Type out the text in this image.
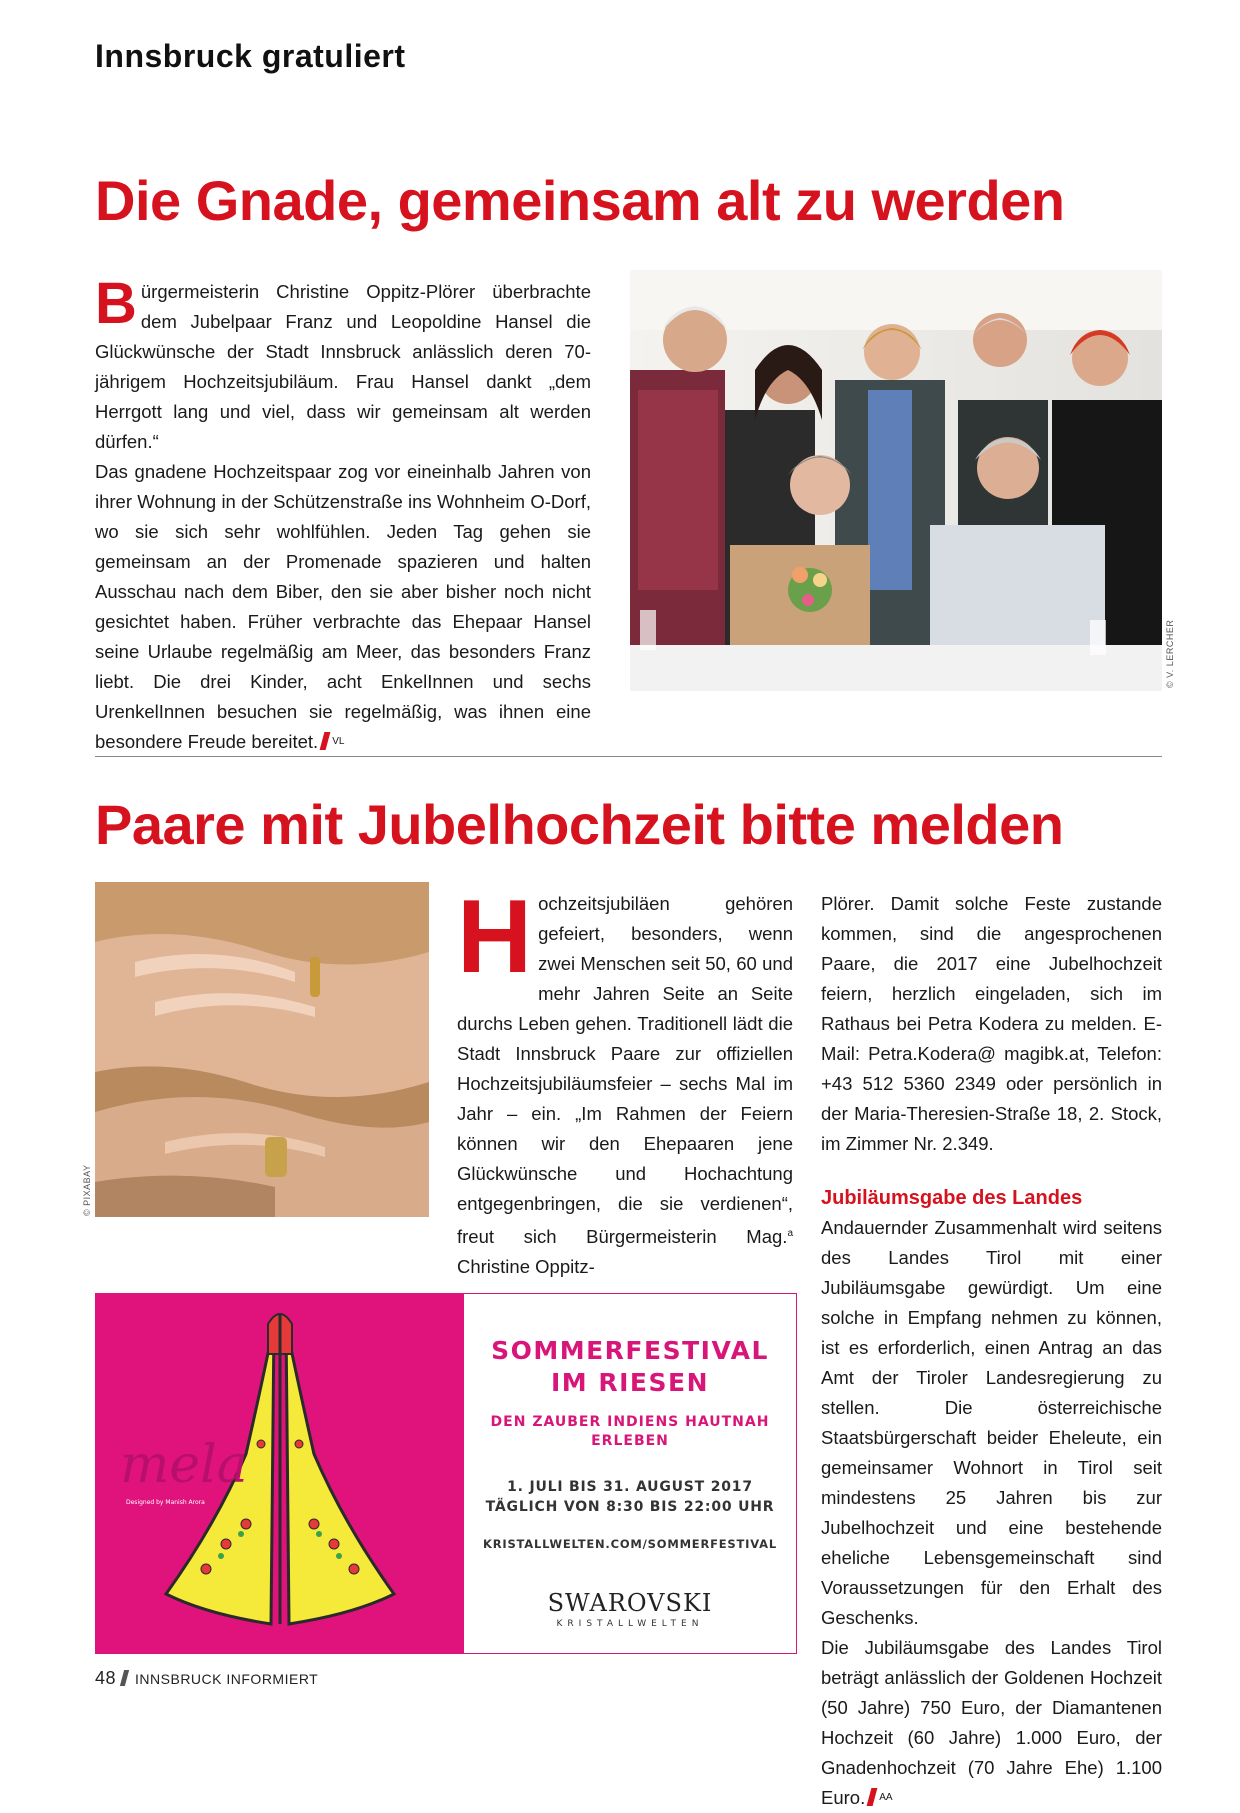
Innsbruck gratuliert
Die Gnade, gemeinsam alt zu werden

Bürgermeisterin Christine Oppitz-Plörer überbrachte dem Jubelpaar Franz und Leopoldine Hansel die Glückwünsche der Stadt Innsbruck anlässlich deren 70-jährigem Hochzeitsjubiläum. Frau Hansel dankt „dem Herrgott lang und viel, dass wir gemeinsam alt werden dürfen.“

Das gnadene Hochzeitspaar zog vor eineinhalb Jahren von ihrer Wohnung in der Schützenstraße ins Wohnheim O-Dorf, wo sie sich sehr wohlfühlen. Jeden Tag gehen sie gemeinsam an der Promenade spazieren und halten Ausschau nach dem Biber, den sie aber bisher noch nicht gesichtet haben. Früher verbrachte das Ehepaar Hansel seine Urlaube regelmäßig am Meer, das besonders Franz liebt. Die drei Kinder, acht EnkelInnen und sechs UrenkelInnen besuchen sie regelmäßig, was ihnen eine besondere Freude bereitet. $^{VL}$

© V. LERCHER
Paare mit Jubelhochzeit bitte melden
© PIXABAY

Hochzeitsjubiläen gehören gefeiert, besonders, wenn zwei Menschen seit 50, 60 und mehr Jahren Seite an Seite durchs Leben gehen. Traditionell lädt die Stadt Innsbruck Paare zur offiziellen Hochzeitsjubiläumsfeier – sechs Mal im Jahr – ein. „Im Rahmen der Feiern können wir den Ehepaaren jene Glückwünsche und Hochachtung entgegenbringen, die sie verdienen“, freut sich Bürgermeisterin Mag.$^a$ Christine Oppitz-

Plörer. Damit solche Feste zustande kommen, sind die angesprochenen Paare, die 2017 eine Jubelhochzeit feiern, herzlich eingeladen, sich im Rathaus bei Petra Kodera zu melden. E-Mail: Petra.Kodera@ magibk.at, Telefon: +43 512 5360 2349 oder persönlich in der Maria-Theresien-Straße 18, 2. Stock, im Zimmer Nr. 2.349.

Jubiläumsgabe des Landes

Andauernder Zusammenhalt wird seitens des Landes Tirol mit einer Jubiläumsgabe gewürdigt. Um eine solche in Empfang nehmen zu können, ist es erforderlich, einen Antrag an das Amt der Tiroler Landesregierung zu stellen. Die österreichische Staatsbürgerschaft beider Eheleute, ein gemeinsamer Wohnort in Tirol seit mindestens 25 Jahren bis zur Jubelhochzeit und eine bestehende eheliche Lebensgemeinschaft sind Voraussetzungen für den Erhalt des Geschenks.

Die Jubiläumsgabe des Landes Tirol beträgt anlässlich der Goldenen Hochzeit (50 Jahre) 750 Euro, der Diamantenen Hochzeit (60 Jahre) 1.000 Euro, der Gnadenhochzeit (70 Jahre Ehe) 1.100 Euro. $^{AA}$

mela
Designed by Manish Arora
SOMMERFESTIVAL
IM RIESEN
DEN ZAUBER INDIENS HAUTNAH
ERLEBEN
1. JULI BIS 31. AUGUST 2017
TÄGLICH VON 8:30 BIS 22:00 UHR
KRISTALLWELTEN.COM/SOMMERFESTIVAL
SWAROVSKI
KRISTALLWELTEN
48 INNSBRUCK INFORMIERT
